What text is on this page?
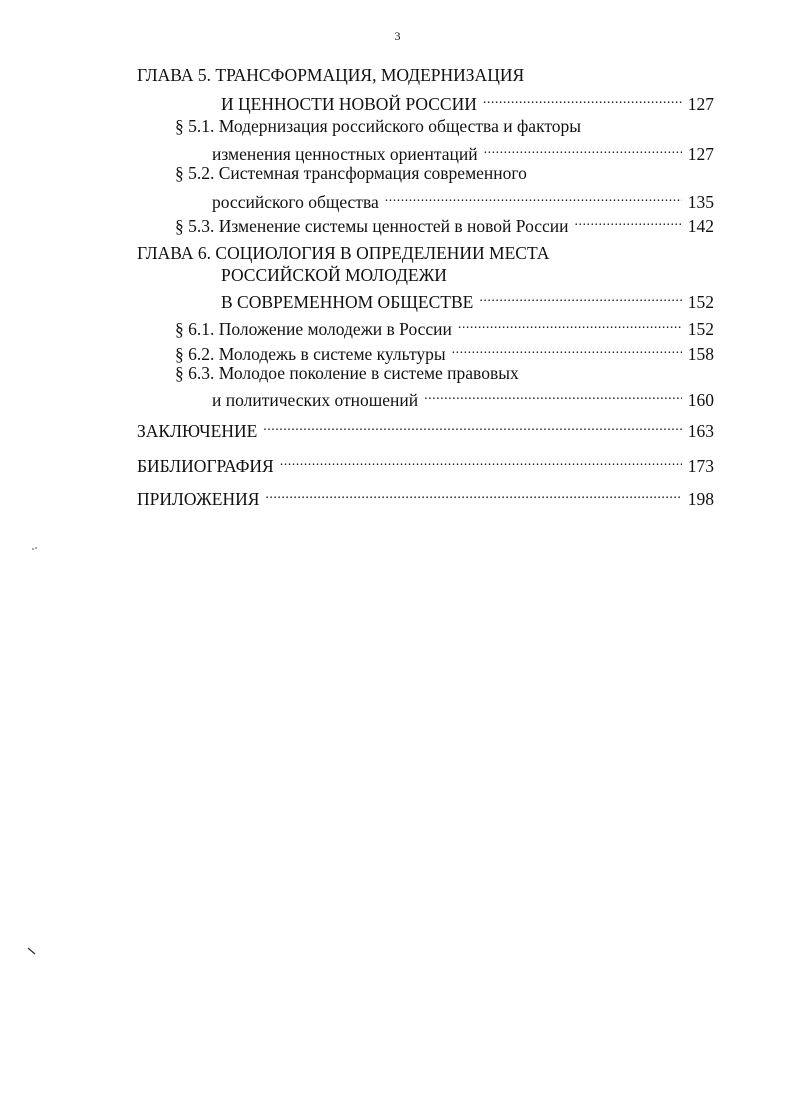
3
ГЛАВА 5. ТРАНСФОРМАЦИЯ, МОДЕРНИЗАЦИЯ
И ЦЕННОСТИ НОВОЙ РОССИИ .....	127
§ 5.1. Модернизация российского общества и факторы
изменения ценностных ориентаций .....	127
§ 5.2. Системная трансформация современного
российского общества .....	135
§ 5.3. Изменение системы ценностей в новой России .....	142
ГЛАВА 6. СОЦИОЛОГИЯ В ОПРЕДЕЛЕНИИ МЕСТА
РОССИЙСКОЙ МОЛОДЕЖИ
В СОВРЕМЕННОМ ОБЩЕСТВЕ .....	152
§ 6.1. Положение молодежи в России .....	152
§ 6.2. Молодежь в системе культуры .....	158
§ 6.3. Молодое поколение в системе правовых
и политических отношений .....	160
ЗАКЛЮЧЕНИЕ .....	163
БИБЛИОГРАФИЯ .....	173
ПРИЛОЖЕНИЯ .....	198
